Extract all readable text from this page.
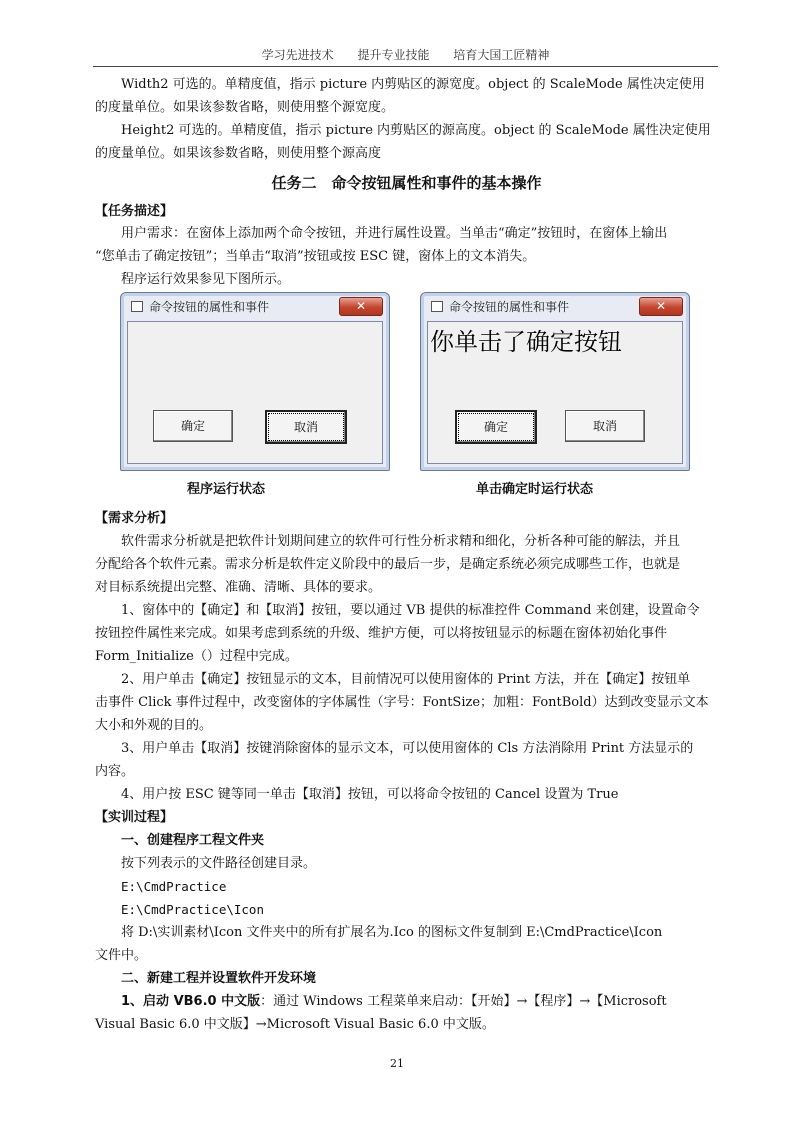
学习先进技术 提升专业技能 培育大国工匠精神

Width2 可选的。单精度值，指示 picture 内剪贴区的源宽度。object 的 ScaleMode 属性决定使用

的度量单位。如果该参数省略，则使用整个源宽度。

Height2 可选的。单精度值，指示 picture 内剪贴区的源高度。object 的 ScaleMode 属性决定使用

的度量单位。如果该参数省略，则使用整个源高度

任务二　命令按钮属性和事件的基本操作

【任务描述】

用户需求：在窗体上添加两个命令按钮，并进行属性设置。当单击“确定”按钮时，在窗体上输出

“您单击了确定按钮”；当单击“取消”按钮或按 ESC 键，窗体上的文本消失。

程序运行效果参见下图所示。

命令按钮的属性和事件	✕
确定	取消
命令按钮的属性和事件	✕
你单击了确定按钮
确定	取消
程序运行状态	单击确定时运行状态

【需求分析】

软件需求分析就是把软件计划期间建立的软件可行性分析求精和细化，分析各种可能的解法，并且

分配给各个软件元素。需求分析是软件定义阶段中的最后一步，是确定系统必须完成哪些工作，也就是

对目标系统提出完整、准确、清晰、具体的要求。

1、窗体中的【确定】和【取消】按钮，要以通过 VB 提供的标准控件 Command 来创建，设置命令

按钮控件属性来完成。如果考虑到系统的升级、维护方便，可以将按钮显示的标题在窗体初始化事件

Form_Initialize（）过程中完成。

2、用户单击【确定】按钮显示的文本，目前情况可以使用窗体的 Print 方法，并在【确定】按钮单

击事件 Click 事件过程中，改变窗体的字体属性（字号：FontSize；加粗：FontBold）达到改变显示文本

大小和外观的目的。

3、用户单击【取消】按键消除窗体的显示文本，可以使用窗体的 Cls 方法消除用 Print 方法显示的

内容。

4、用户按 ESC 键等同一单击【取消】按钮，可以将命令按钮的 Cancel 设置为 True

【实训过程】

一、创建程序工程文件夹

按下列表示的文件路径创建目录。

E:\CmdPractice

E:\CmdPractice\Icon

将 D:\实训素材\Icon 文件夹中的所有扩展名为.Ico 的图标文件复制到 E:\CmdPractice\Icon

文件中。

二、新建工程并设置软件开发环境

1、启动 VB6.0 中文版：通过 Windows 工程菜单来启动：【开始】→【程序】→【Microsoft

Visual Basic 6.0 中文版】→Microsoft Visual Basic 6.0 中文版。

21
